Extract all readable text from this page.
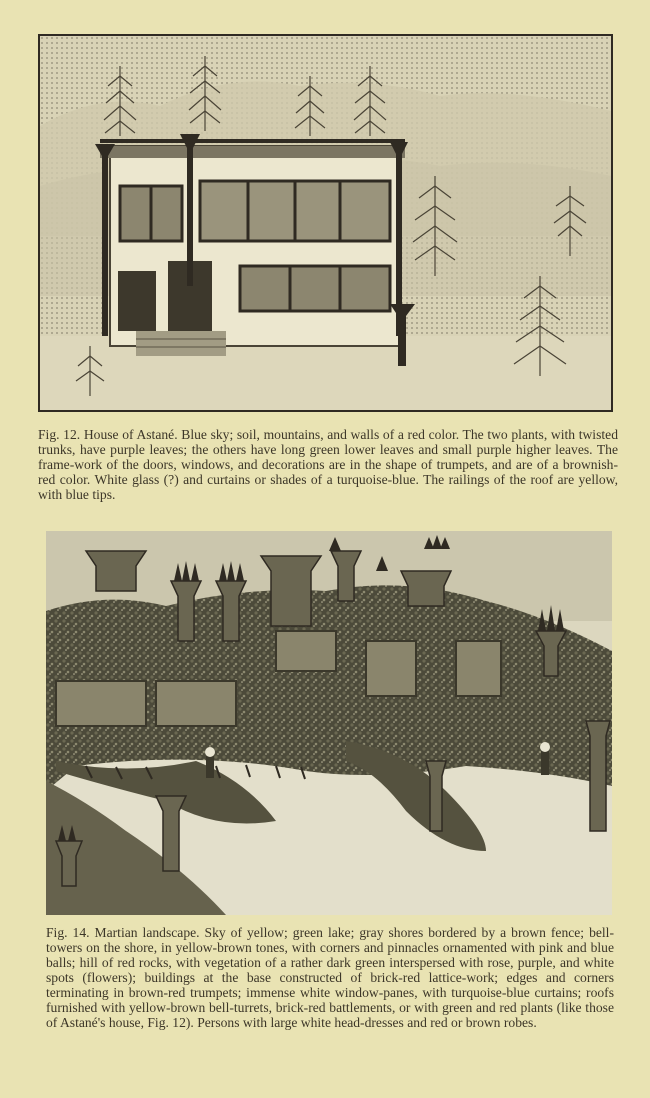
Fig. 12. House of Astané. Blue sky; soil, mountains, and walls of a red color. The two plants, with twisted trunks, have purple leaves; the others have long green lower leaves and small purple higher leaves. The frame-work of the doors, windows, and decorations are in the shape of trumpets, and are of a brownish-red color. White glass (?) and curtains or shades of a turquoise-blue. The railings of the roof are yellow, with blue tips.
Fig. 14. Martian landscape. Sky of yellow; green lake; gray shores bordered by a brown fence; bell-towers on the shore, in yellow-brown tones, with corners and pinnacles ornamented with pink and blue balls; hill of red rocks, with vegetation of a rather dark green interspersed with rose, purple, and white spots (flowers); buildings at the base constructed of brick-red lattice-work; edges and corners terminating in brown-red trumpets; immense white window-panes, with turquoise-blue curtains; roofs furnished with yellow-brown bell-turrets, brick-red battlements, or with green and red plants (like those of Astané's house, Fig. 12). Persons with large white head-dresses and red or brown robes.
